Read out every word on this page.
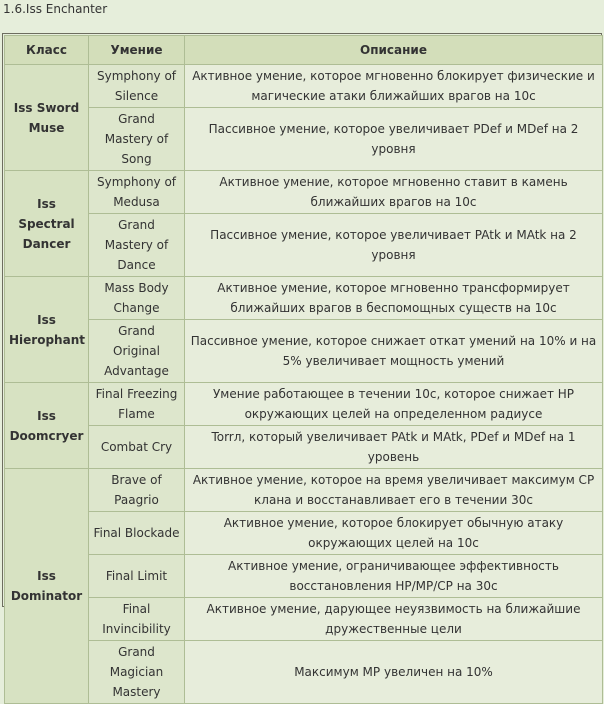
1.6.Iss Enchanter
Класс	Умение	Описание
Iss Sword Muse	Symphony of Silence	Активное умение, которое мгновенно блокирует физические и магические атаки ближайших врагов на 10с
	Grand Mastery of Song	Пассивное умение, которое увеличивает PDef и MDef на 2 уровня
Iss Spectral Dancer	Symphony of Medusa	Активное умение, которое мгновенно ставит в камень ближайших врагов на 10с
	Grand Mastery of Dance	Пассивное умение, которое увеличивает PAtk и MAtk на 2 уровня
Iss Hierophant	Mass Body Change	Активное умение, которое мгновенно трансформирует ближайших врагов в беспомощных существ на 10с
	Grand Original Advantage	Пассивное умение, которое снижает откат умений на 10% и на 5% увеличивает мощность умений
Iss Doomcryer	Final Freezing Flame	Умение работающее в течении 10с, которое снижает HP окружающих целей на определенном радиусе
	Combat Cry	Torrл, который увеличивает PAtk и MAtk, PDef и MDef на 1 уровень
Iss Dominator	Brave of Paagrio	Активное умение, которое на время увеличивает максимум CP клана и восстанавливает его в течении 30с
	Final Blockade	Активное умение, которое блокирует обычную атаку окружающих целей на 10с
	Final Limit	Активное умение, ограничивающее эффективность восстановления HP/MP/CP на 30с
	Final Invincibility	Активное умение, дарующее неуязвимость на ближайшие дружественные цели
	Grand Magician Mastery	Максимум MP увеличен на 10%
